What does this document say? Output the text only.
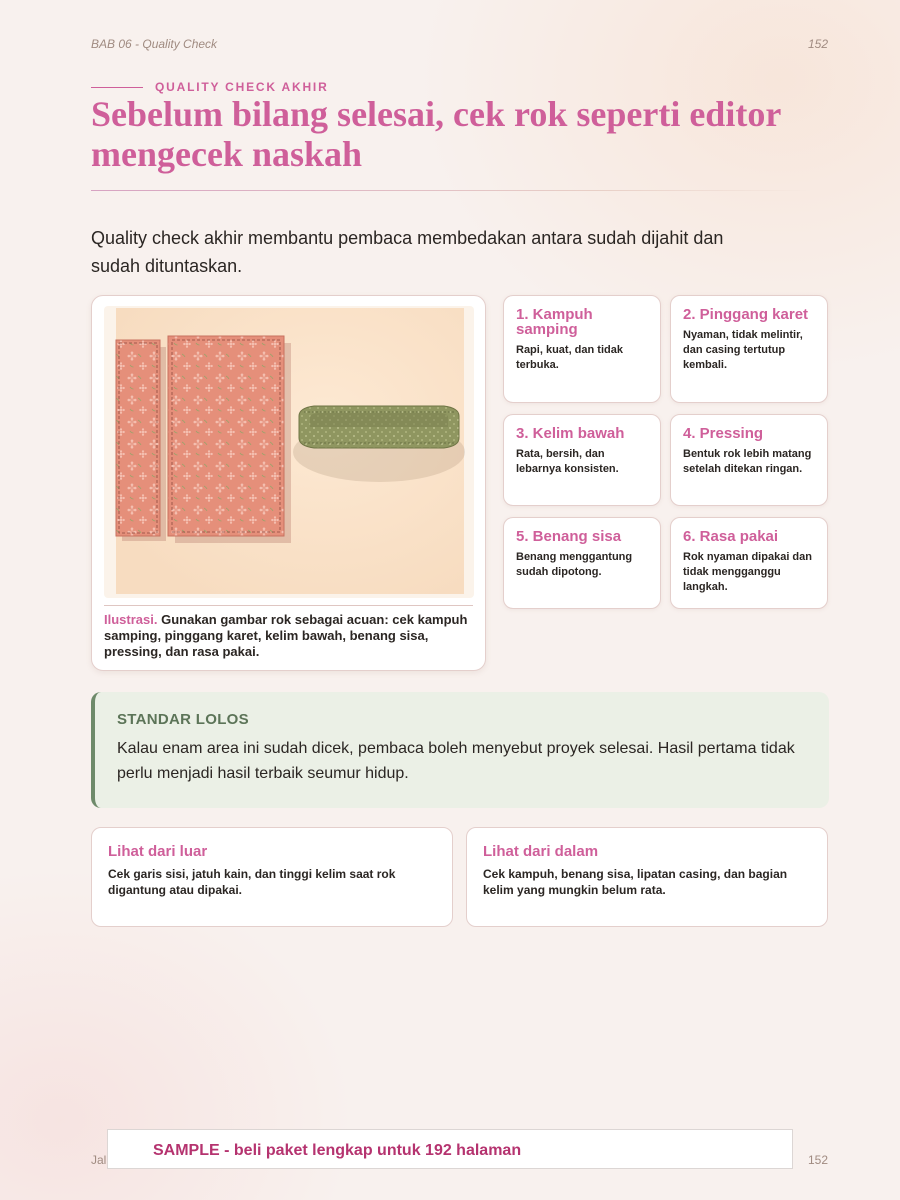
BAB 06 - Quality Check	152
QUALITY CHECK AKHIR
Sebelum bilang selesai, cek rok seperti editor mengecek naskah

Quality check akhir membantu pembaca membedakan antara sudah dijahit dan sudah dituntaskan.

Ilustrasi. Gunakan gambar rok sebagai acuan: cek kampuh samping, pinggang karet, kelim bawah, benang sisa, pressing, dan rasa pakai.

1. Kampuh samping

Rapi, kuat, dan tidak terbuka.

2. Pinggang karet

Nyaman, tidak melintir, dan casing tertutup kembali.

3. Kelim bawah

Rata, bersih, dan lebarnya konsisten.

4. Pressing

Bentuk rok lebih matang setelah ditekan ringan.

5. Benang sisa

Benang menggantung sudah dipotong.

6. Rasa pakai

Rok nyaman dipakai dan tidak mengganggu langkah.

STANDAR LOLOS

Kalau enam area ini sudah dicek, pembaca boleh menyebut proyek selesai. Hasil pertama tidak perlu menjadi hasil terbaik seumur hidup.

Lihat dari luar

Cek garis sisi, jatuh kain, dan tinggi kelim saat rok digantung atau dipakai.

Lihat dari dalam

Cek kampuh, benang sisa, lipatan casing, dan bagian kelim yang mungkin belum rata.

Jal	152
SAMPLE - beli paket lengkap untuk 192 halaman
